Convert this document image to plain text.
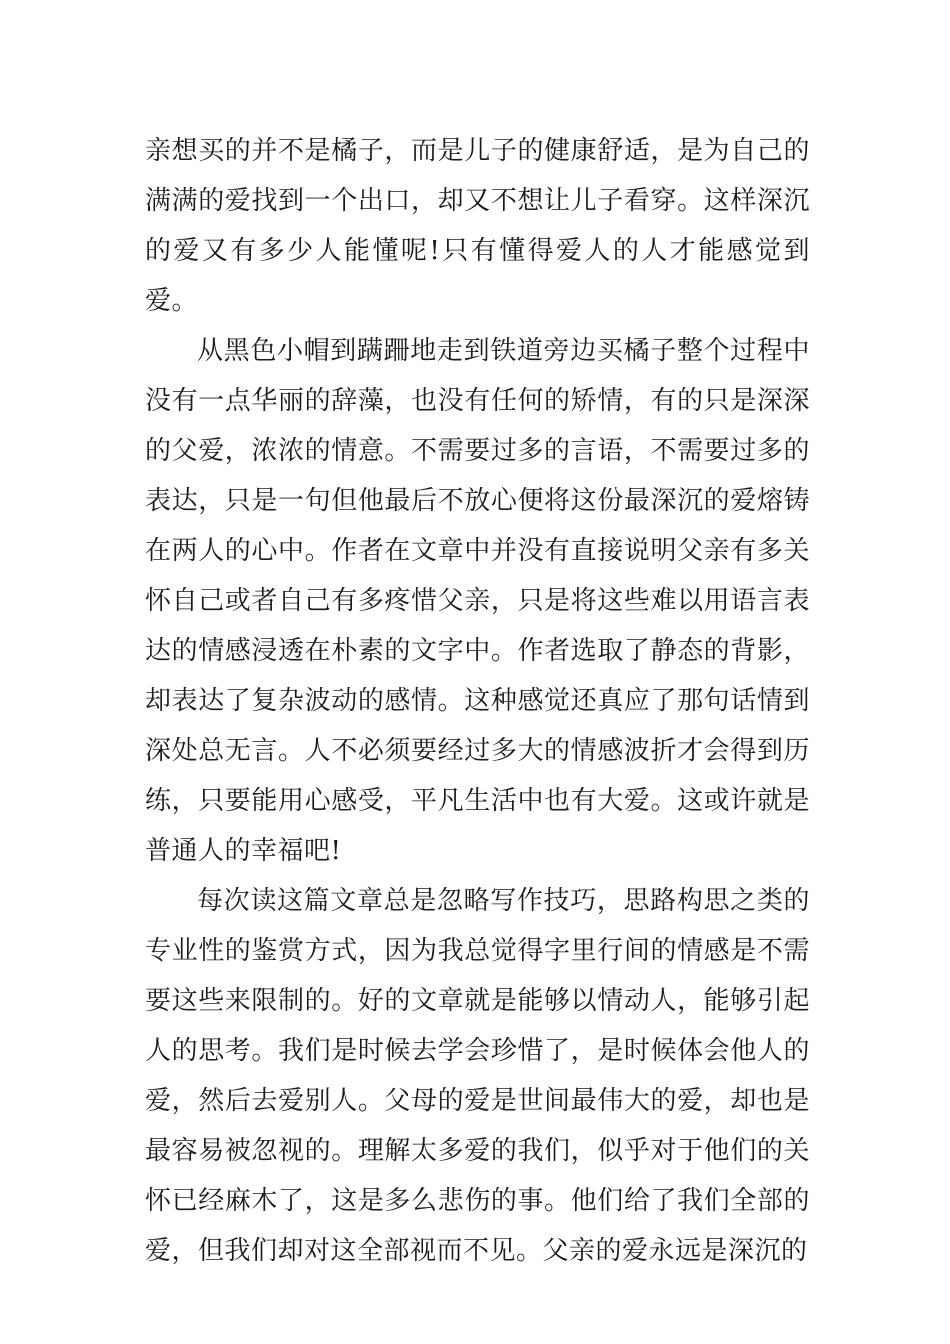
亲想买的并不是橘子，而是儿子的健康舒适，是为自己的满满的爱找到一个出口，却又不想让儿子看穿。这样深沉的爱又有多少人能懂呢!只有懂得爱人的人才能感觉到爱。

从黑色小帽到蹒跚地走到铁道旁边买橘子整个过程中没有一点华丽的辞藻，也没有任何的矫情，有的只是深深的父爱，浓浓的情意。不需要过多的言语，不需要过多的表达，只是一句但他最后不放心便将这份最深沉的爱熔铸在两人的心中。作者在文章中并没有直接说明父亲有多关怀自己或者自己有多疼惜父亲，只是将这些难以用语言表达的情感浸透在朴素的文字中。作者选取了静态的背影，却表达了复杂波动的感情。这种感觉还真应了那句话情到深处总无言。人不必须要经过多大的情感波折才会得到历练，只要能用心感受，平凡生活中也有大爱。这或许就是普通人的幸福吧!

每次读这篇文章总是忽略写作技巧，思路构思之类的专业性的鉴赏方式，因为我总觉得字里行间的情感是不需要这些来限制的。好的文章就是能够以情动人，能够引起人的思考。我们是时候去学会珍惜了，是时候体会他人的爱，然后去爱别人。父母的爱是世间最伟大的爱，却也是最容易被忽视的。理解太多爱的我们，似乎对于他们的关怀已经麻木了，这是多么悲伤的事。他们给了我们全部的爱，但我们却对这全部视而不见。父亲的爱永远是深沉的
